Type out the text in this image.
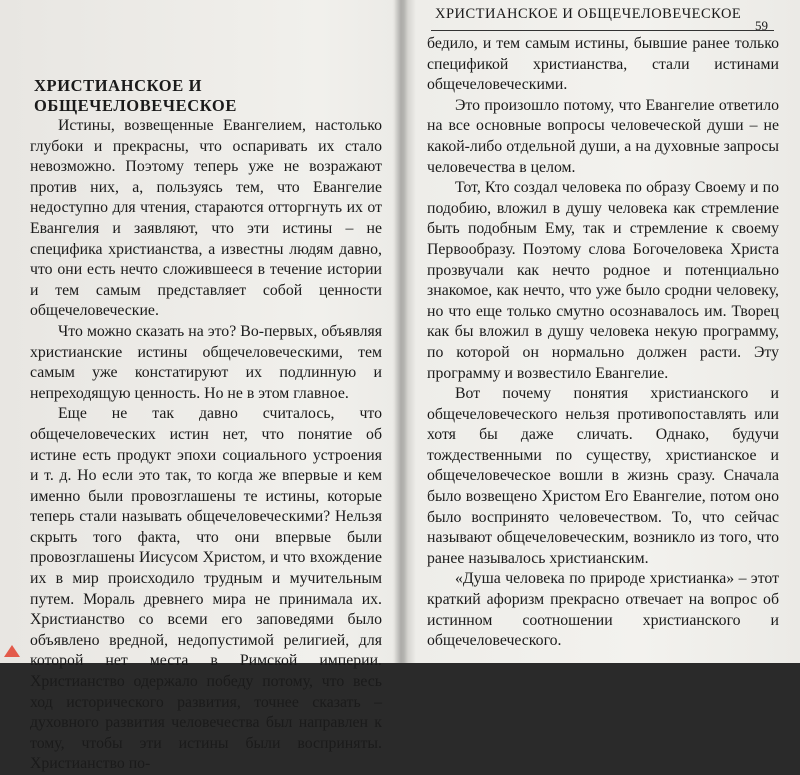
ХРИСТИАНСКОЕ И ОБЩЕЧЕЛОВЕЧЕСКОЕ

Истины, возвещенные Евангелием, настолько глубоки и прекрасны, что оспаривать их стало невозможно. Поэтому теперь уже не возражают против них, а, пользуясь тем, что Евангелие недоступно для чтения, стараются отторгнуть их от Евангелия и заявляют, что эти истины – не специфика христианства, а известны людям давно, что они есть нечто сложившееся в течение истории и тем самым представляет собой ценности общечеловеческие.

Что можно сказать на это? Во-первых, объявляя христианские истины общечеловеческими, тем самым уже констатируют их подлинную и непреходящую ценность. Но не в этом главное.

Еще не так давно считалось, что общечеловеческих истин нет, что понятие об истине есть продукт эпохи социального устроения и т. д. Но если это так, то когда же впервые и кем именно были провозглашены те истины, которые теперь стали называть общечеловеческими? Нельзя скрыть того факта, что они впервые были провозглашены Иисусом Христом, и что вхождение их в мир происходило трудным и мучительным путем. Мораль древнего мира не принимала их. Христианство со всеми его заповедями было объявлено вредной, недопустимой религией, для которой нет места в Римской империи. Христианство одержало победу потому, что весь ход исторического развития, точнее сказать – духовного развития человечества был направлен к тому, чтобы эти истины были восприняты. Христианство по-

ХРИСТИАНСКОЕ И ОБЩЕЧЕЛОВЕЧЕСКОЕ
59

бедило, и тем самым истины, бывшие ранее только спецификой христианства, стали истинами общечеловеческими.

Это произошло потому, что Евангелие ответило на все основные вопросы человеческой души – не какой-либо отдельной души, а на духовные запросы человечества в целом.

Тот, Кто создал человека по образу Своему и по подобию, вложил в душу человека как стремление быть подобным Ему, так и стремление к своему Первообразу. Поэтому слова Богочеловека Христа прозвучали как нечто родное и потенциально знакомое, как нечто, что уже было сродни человеку, но что еще только смутно осознавалось им. Творец как бы вложил в душу человека некую программу, по которой он нормально должен расти. Эту программу и возвестило Евангелие.

Вот почему понятия христианского и общечеловеческого нельзя противопоставлять или хотя бы даже сличать. Однако, будучи тождественными по существу, христианское и общечеловеческое вошли в жизнь сразу. Сначала было возвещено Христом Его Евангелие, потом оно было воспринято человечеством. То, что сейчас называют общечеловеческим, возникло из того, что ранее называлось христианским.

«Душа человека по природе христианка» – этот краткий афоризм прекрасно отвечает на вопрос об истинном соотношении христианского и общечеловеческого.
